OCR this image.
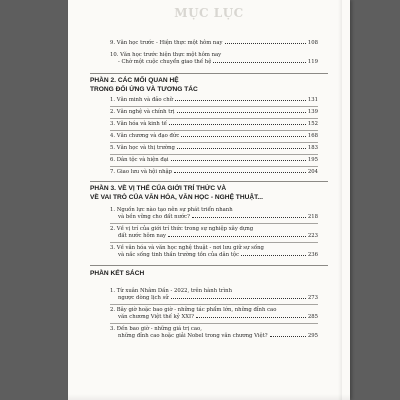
MỤC LỤC
9. Văn học trước - Hiện thực một hôm nay	108
10. Văn học trước hiện thực một hôm nay
- Chờ một cuộc chuyển giao thế hệ	119
PHẦN 2. CÁC MỐI QUAN HỆ
TRONG ĐỐI ỨNG VÀ TƯƠNG TÁC
1. Văn minh và đảo chữ	131
2. Văn nghệ và chính trị	139
3. Văn hóa và kinh tế	152
4. Văn chương và đạo đức	168
5. Văn học và thị trường	183
6. Dân tộc và hiện đại	195
7. Giao lưu và hội nhập	204
PHẦN 3. VỀ VỊ THẾ CỦA GIỚI TRÍ THỨC VÀ
VỀ VAI TRÒ CỦA VĂN HÓA, VĂN HỌC - NGHỆ THUẬT...
1. Nguồn lực nào tạo nên sự phát triển nhanh
và bền vững cho đất nước?	218
2. Về vị trí của giới trí thức trong sự nghiệp xây dựng
đất nước hôm nay	223
3. Về văn hóa và văn học nghệ thuật - nơi lưu giữ sự sống
và nắc sống tinh thần trường tồn của dân tộc	236
PHẦN KẾT SÁCH
1. Từ xuân Nhâm Dần - 2022, trên hành trình
ngược dòng lịch sử	273
2. Bây giờ hoặc bao giờ - những tác phẩm lớn, những đỉnh cao
văn chương Việt thế kỷ XXI?	285
3. Đến bao giờ - những giá trị cao,
những đỉnh cao hoặc giải Nobel trong văn chương Việt?	295
